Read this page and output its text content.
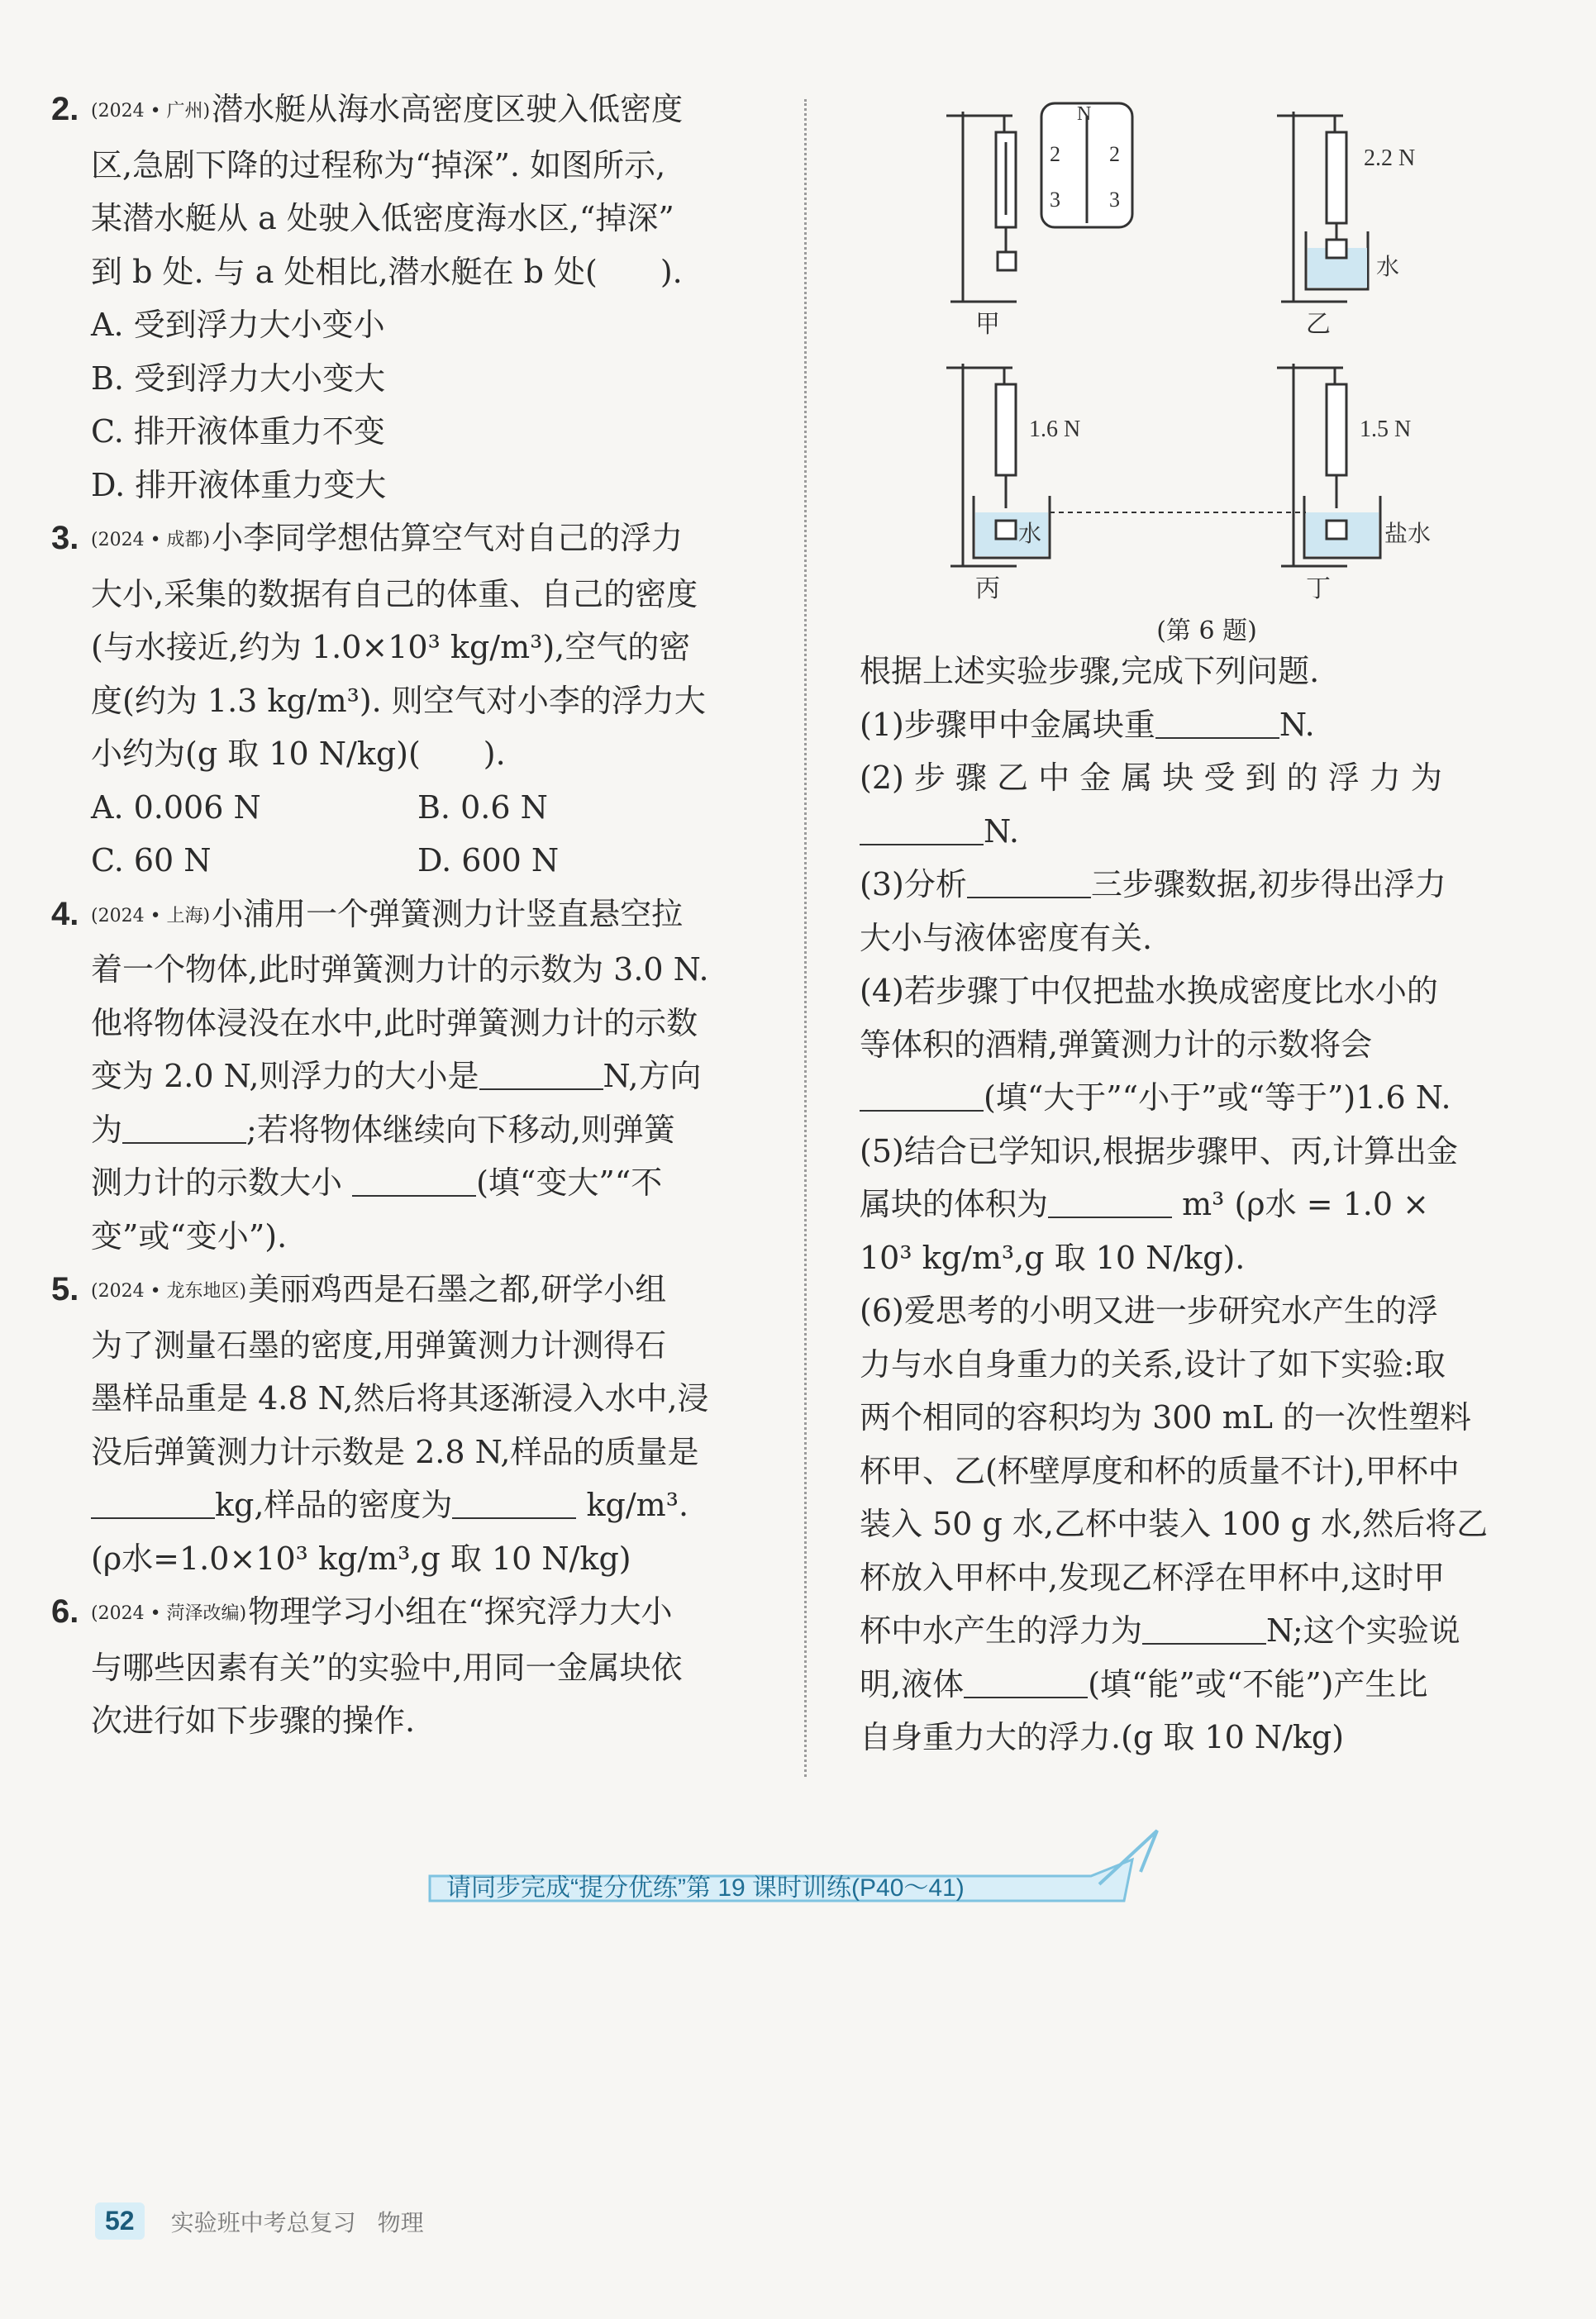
2. (2024 • 广州)潜水艇从海水高密度区驶入低密度
区,急剧下降的过程称为“掉深”. 如图所示,
某潜水艇从 a 处驶入低密度海水区,“掉深”
到 b 处. 与 a 处相比,潜水艇在 b 处(　　).
A. 受到浮力大小变小
B. 受到浮力大小变大
C. 排开液体重力不变
D. 排开液体重力变大
3. (2024 • 成都)小李同学想估算空气对自己的浮力
大小,采集的数据有自己的体重、自己的密度
(与水接近,约为 1.0×10³ kg/m³),空气的密
度(约为 1.3 kg/m³). 则空气对小李的浮力大
小约为(g 取 10 N/kg)(　　).
A. 0.006 N	B. 0.6 N
C. 60 N	D. 600 N
4. (2024 • 上海)小浦用一个弹簧测力计竖直悬空拉
着一个物体,此时弹簧测力计的示数为 3.0 N.
他将物体浸没在水中,此时弹簧测力计的示数
变为 2.0 N,则浮力的大小是	N,方向
为	;若将物体继续向下移动,则弹簧
测力计的示数大小	(填“变大”“不
变”或“变小”).
5. (2024 • 龙东地区)美丽鸡西是石墨之都,研学小组
为了测量石墨的密度,用弹簧测力计测得石
墨样品重是 4.8 N,然后将其逐渐浸入水中,浸
没后弹簧测力计示数是 2.8 N,样品的质量是
kg,样品的密度为	kg/m³.
(ρ水=1.0×10³ kg/m³,g 取 10 N/kg)
6. (2024 • 菏泽改编)物理学习小组在“探究浮力大小
与哪些因素有关”的实验中,用同一金属块依
次进行如下步骤的操作.
N
2 2
3 3
甲
2.2 N
水
乙
1.6 N
水
丙
1.5 N
盐水
丁
(第 6 题)
根据上述实验步骤,完成下列问题.
(1)步骤甲中金属块重	N.
(2) 步 骤 乙 中 金 属 块 受 到 的 浮 力 为
N.
(3)分析	三步骤数据,初步得出浮力
大小与液体密度有关.
(4)若步骤丁中仅把盐水换成密度比水小的
等体积的酒精,弹簧测力计的示数将会
(填“大于”“小于”或“等于”)1.6 N.
(5)结合已学知识,根据步骤甲、丙,计算出金
属块的体积为	m³ (ρ水 = 1.0 ×
10³ kg/m³,g 取 10 N/kg).
(6)爱思考的小明又进一步研究水产生的浮
力与水自身重力的关系,设计了如下实验:取
两个相同的容积均为 300 mL 的一次性塑料
杯甲、乙(杯壁厚度和杯的质量不计),甲杯中
装入 50 g 水,乙杯中装入 100 g 水,然后将乙
杯放入甲杯中,发现乙杯浮在甲杯中,这时甲
杯中水产生的浮力为	N;这个实验说
明,液体	(填“能”或“不能”)产生比
自身重力大的浮力.(g 取 10 N/kg)
请同步完成“提分优练”第 19 课时训练(P40～41)
52	实验班中考总复习 物理
